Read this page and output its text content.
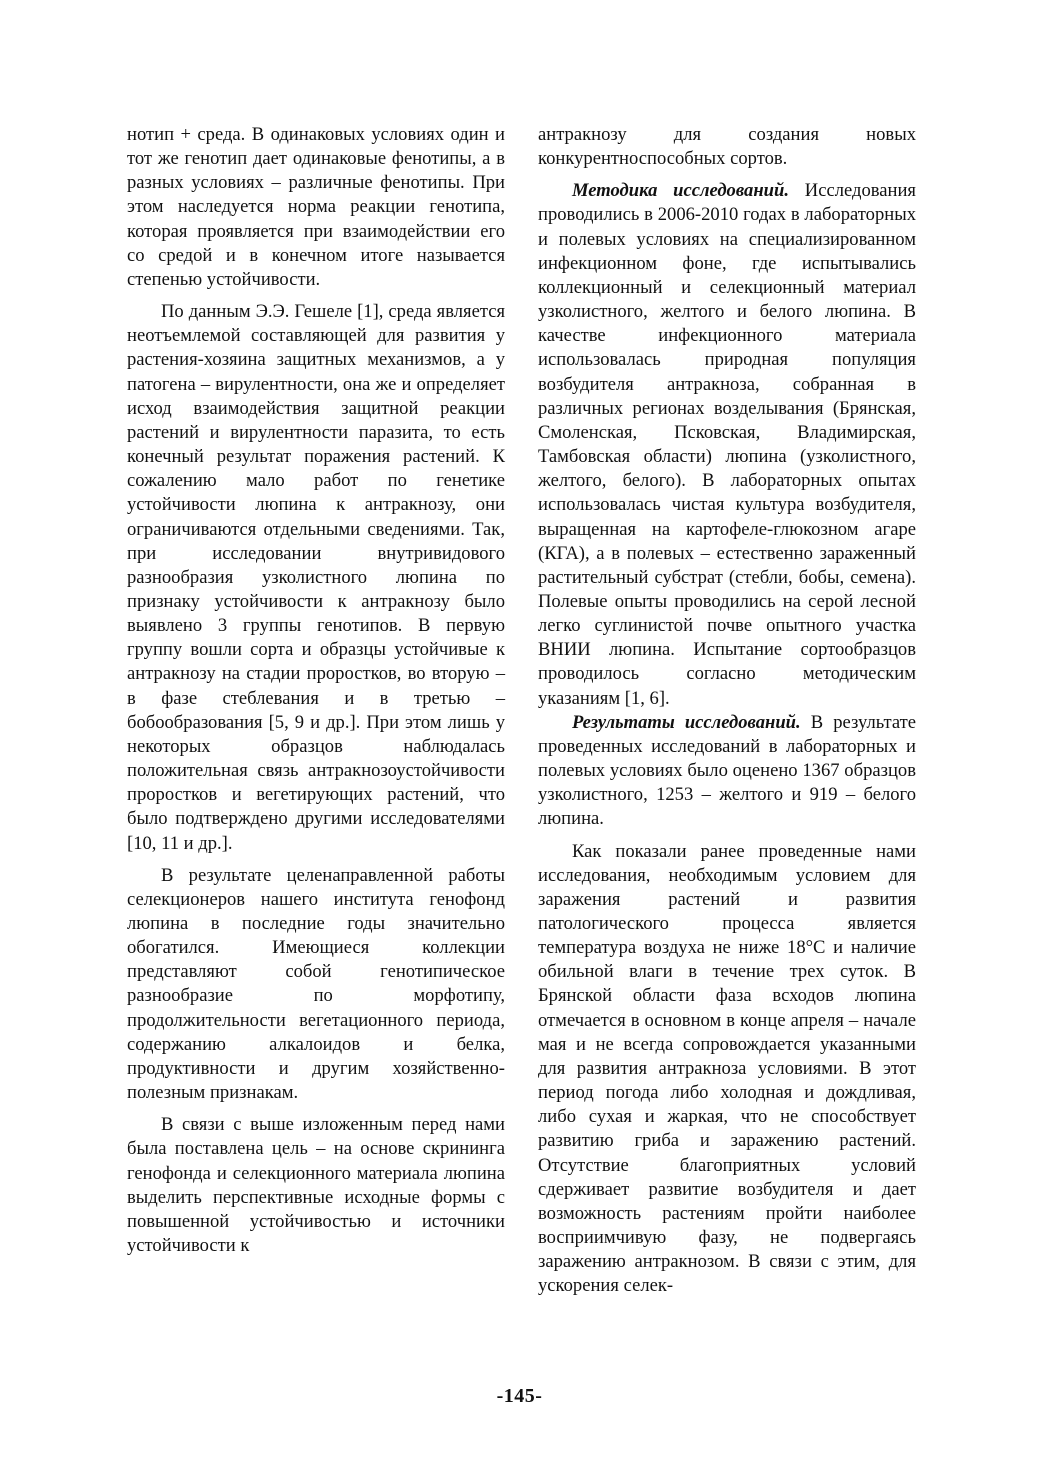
нотип + среда. В одинаковых условиях один и тот же генотип дает одинаковые фенотипы, а в разных условиях – различные фенотипы. При этом наследуется норма реакции генотипа, которая проявляется при взаимодействии его со средой и в конечном итоге называется степенью устойчивости.

По данным Э.Э. Гешеле [1], среда является неотъемлемой составляющей для развития у растения-хозяина защитных механизмов, а у патогена – вирулентности, она же и определяет исход взаимодействия защитной реакции растений и вирулентности паразита, то есть конечный результат поражения растений. К сожалению мало работ по генетике устойчивости люпина к антракнозу, они ограничиваются отдельными сведениями. Так, при исследовании внутривидового разнообразия узколистного люпина по признаку устойчивости к антракнозу было выявлено 3 группы генотипов. В первую группу вошли сорта и образцы устойчивые к антракнозу на стадии проростков, во вторую – в фазе стеблевания и в третью – бобообразования [5, 9 и др.]. При этом лишь у некоторых образцов наблюдалась положительная связь антракнозоустойчивости проростков и вегетирующих растений, что было подтверждено другими исследователями [10, 11 и др.].

В результате целенаправленной работы селекционеров нашего института генофонд люпина в последние годы значительно обогатился. Имеющиеся коллекции представляют собой генотипическое разнообразие по морфотипу, продолжительности вегетационного периода, содержанию алкалоидов и белка, продуктивности и другим хозяйственно-полезным признакам.

В связи с выше изложенным перед нами была поставлена цель – на основе скрининга генофонда и селекционного материала люпина выделить перспективные исходные формы с повышенной устойчивостью и источники устойчивости к

антракнозу для создания новых конкурентноспособных сортов.

Методика исследований. Исследования проводились в 2006-2010 годах в лабораторных и полевых условиях на специализированном инфекционном фоне, где испытывались коллекционный и селекционный материал узколистного, желтого и белого люпина. В качестве инфекционного материала использовалась природная популяция возбудителя антракноза, собранная в различных регионах возделывания (Брянская, Смоленская, Псковская, Владимирская, Тамбовская области) люпина (узколистного, желтого, белого). В лабораторных опытах использовалась чистая культура возбудителя, выращенная на картофеле-глюкозном агаре (КГА), а в полевых – естественно зараженный растительный субстрат (стебли, бобы, семена). Полевые опыты проводились на серой лесной легко суглинистой почве опытного участка ВНИИ люпина. Испытание сортообразцов проводилось согласно методическим указаниям [1, 6].

Результаты исследований. В результате проведенных исследований в лабораторных и полевых условиях было оценено 1367 образцов узколистного, 1253 – желтого и 919 – белого люпина.

Как показали ранее проведенные нами исследования, необходимым условием для заражения растений и развития патологического процесса является температура воздуха не ниже 18°С и наличие обильной влаги в течение трех суток. В Брянской области фаза всходов люпина отмечается в основном в конце апреля – начале мая и не всегда сопровождается указанными для развития антракноза условиями. В этот период погода либо холодная и дождливая, либо сухая и жаркая, что не способствует развитию гриба и заражению растений. Отсутствие благоприятных условий сдерживает развитие возбудителя и дает возможность растениям пройти наиболее восприимчивую фазу, не подвергаясь заражению антракнозом. В связи с этим, для ускорения селек-

-145-
